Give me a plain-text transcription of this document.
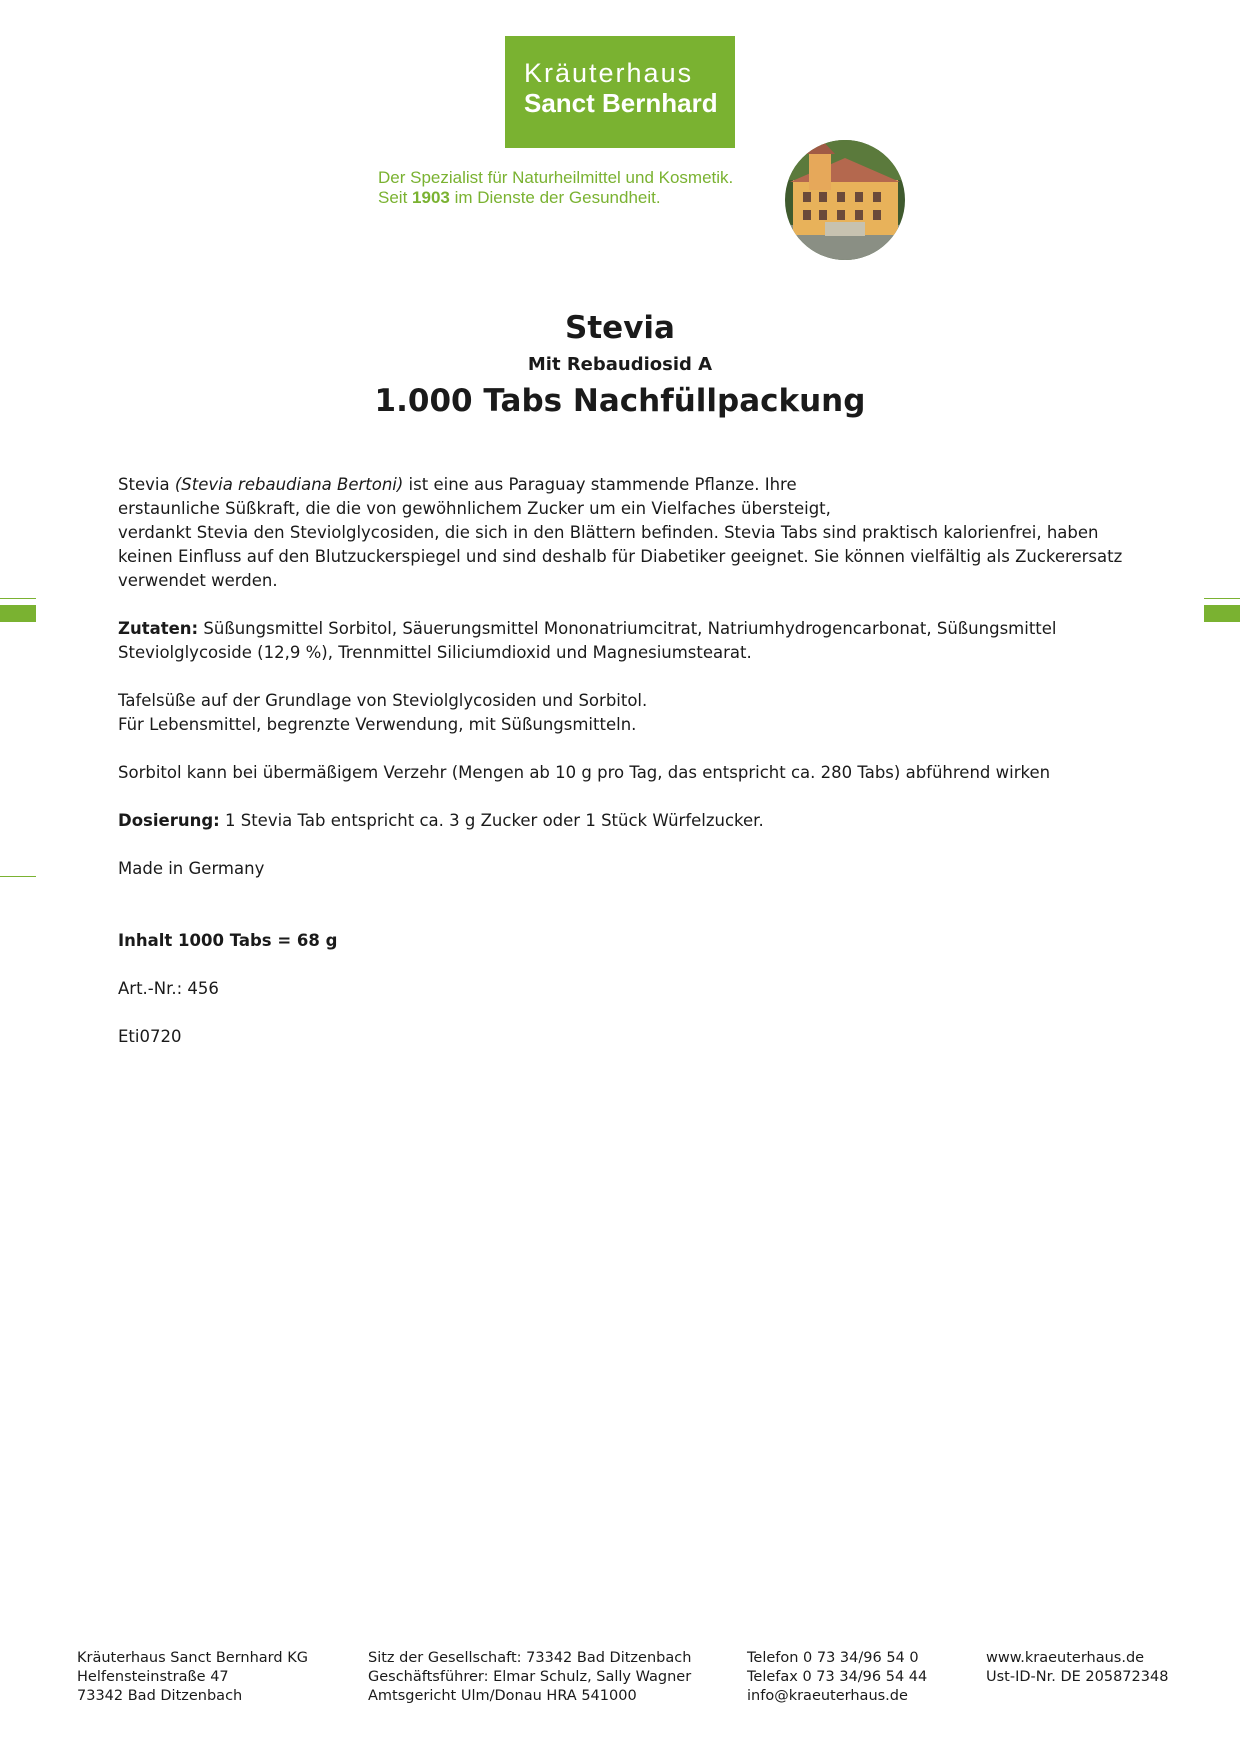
Kräuterhaus
Sanct Bernhard
Der Spezialist für Naturheilmittel und Kosmetik.
Seit 1903 im Dienste der Gesundheit.
Stevia
Mit Rebaudiosid A
1.000 Tabs Nachfüllpackung

Stevia (Stevia rebaudiana Bertoni) ist eine aus Paraguay stammende Pflanze. Ihre
erstaunliche Süßkraft, die die von gewöhnlichem Zucker um ein Vielfaches übersteigt,
verdankt Stevia den Steviolglycosiden, die sich in den Blättern befinden. Stevia Tabs sind praktisch kalorienfrei, haben keinen Einfluss auf den Blutzuckerspiegel und sind deshalb für Diabetiker geeignet. Sie können vielfältig als Zuckerersatz verwendet werden.

Zutaten: Süßungsmittel Sorbitol, Säuerungsmittel Mononatriumcitrat, Natriumhydrogencarbonat, Süßungsmittel Steviolglycoside (12,9 %), Trennmittel Siliciumdioxid und Magnesiumstearat.

Tafelsüße auf der Grundlage von Steviolglycosiden und Sorbitol.
Für Lebensmittel, begrenzte Verwendung, mit Süßungsmitteln.

Sorbitol kann bei übermäßigem Verzehr (Mengen ab 10 g pro Tag, das entspricht ca. 280 Tabs) abführend wirken

Dosierung: 1 Stevia Tab entspricht ca. 3 g Zucker oder 1 Stück Würfelzucker.

Made in Germany

Inhalt 1000 Tabs = 68 g

Art.-Nr.: 456

Eti0720

Kräuterhaus Sanct Bernhard KG
Helfensteinstraße 47
73342 Bad Ditzenbach
Sitz der Gesellschaft: 73342 Bad Ditzenbach
Geschäftsführer: Elmar Schulz, Sally Wagner
Amtsgericht Ulm/Donau HRA 541000
Telefon 0 73 34/96 54 0
Telefax 0 73 34/96 54 44
info@kraeuterhaus.de
www.kraeuterhaus.de
Ust-ID-Nr. DE 205872348
